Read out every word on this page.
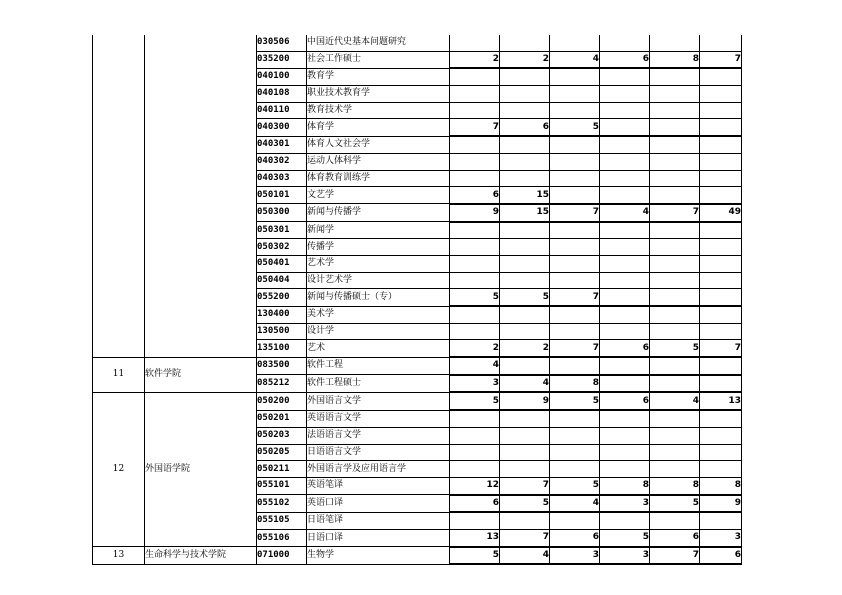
		030506	中国近代史基本问题研究						
		035200	社会工作硕士	2	2	4	6	8	7
		040100	教育学						
		040108	职业技术教育学						
		040110	教育技术学						
		040300	体育学	7	6	5			
		040301	体育人文社会学						
		040302	运动人体科学						
		040303	体育教育训练学						
		050101	文艺学	6	15				
		050300	新闻与传播学	9	15	7	4	7	49
		050301	新闻学						
		050302	传播学						
		050401	艺术学						
		050404	设计艺术学						
		055200	新闻与传播硕士（专）	5	5	7			
		130400	美术学						
		130500	设计学						
		135100	艺术	2	2	7	6	5	7
11	软件学院	083500	软件工程	4					
		085212	软件工程硕士	3	4	8			
12	外国语学院	050200	外国语言文学	5	9	5	6	4	13
		050201	英语语言文学						
		050203	法语语言文学						
		050205	日语语言文学						
		050211	外国语言学及应用语言学						
		055101	英语笔译	12	7	5	8	8	8
		055102	英语口译	6	5	4	3	5	9
		055105	日语笔译						
		055106	日语口译	13	7	6	5	6	3
13	生命科学与技术学院	071000	生物学	5	4	3	3	7	6
